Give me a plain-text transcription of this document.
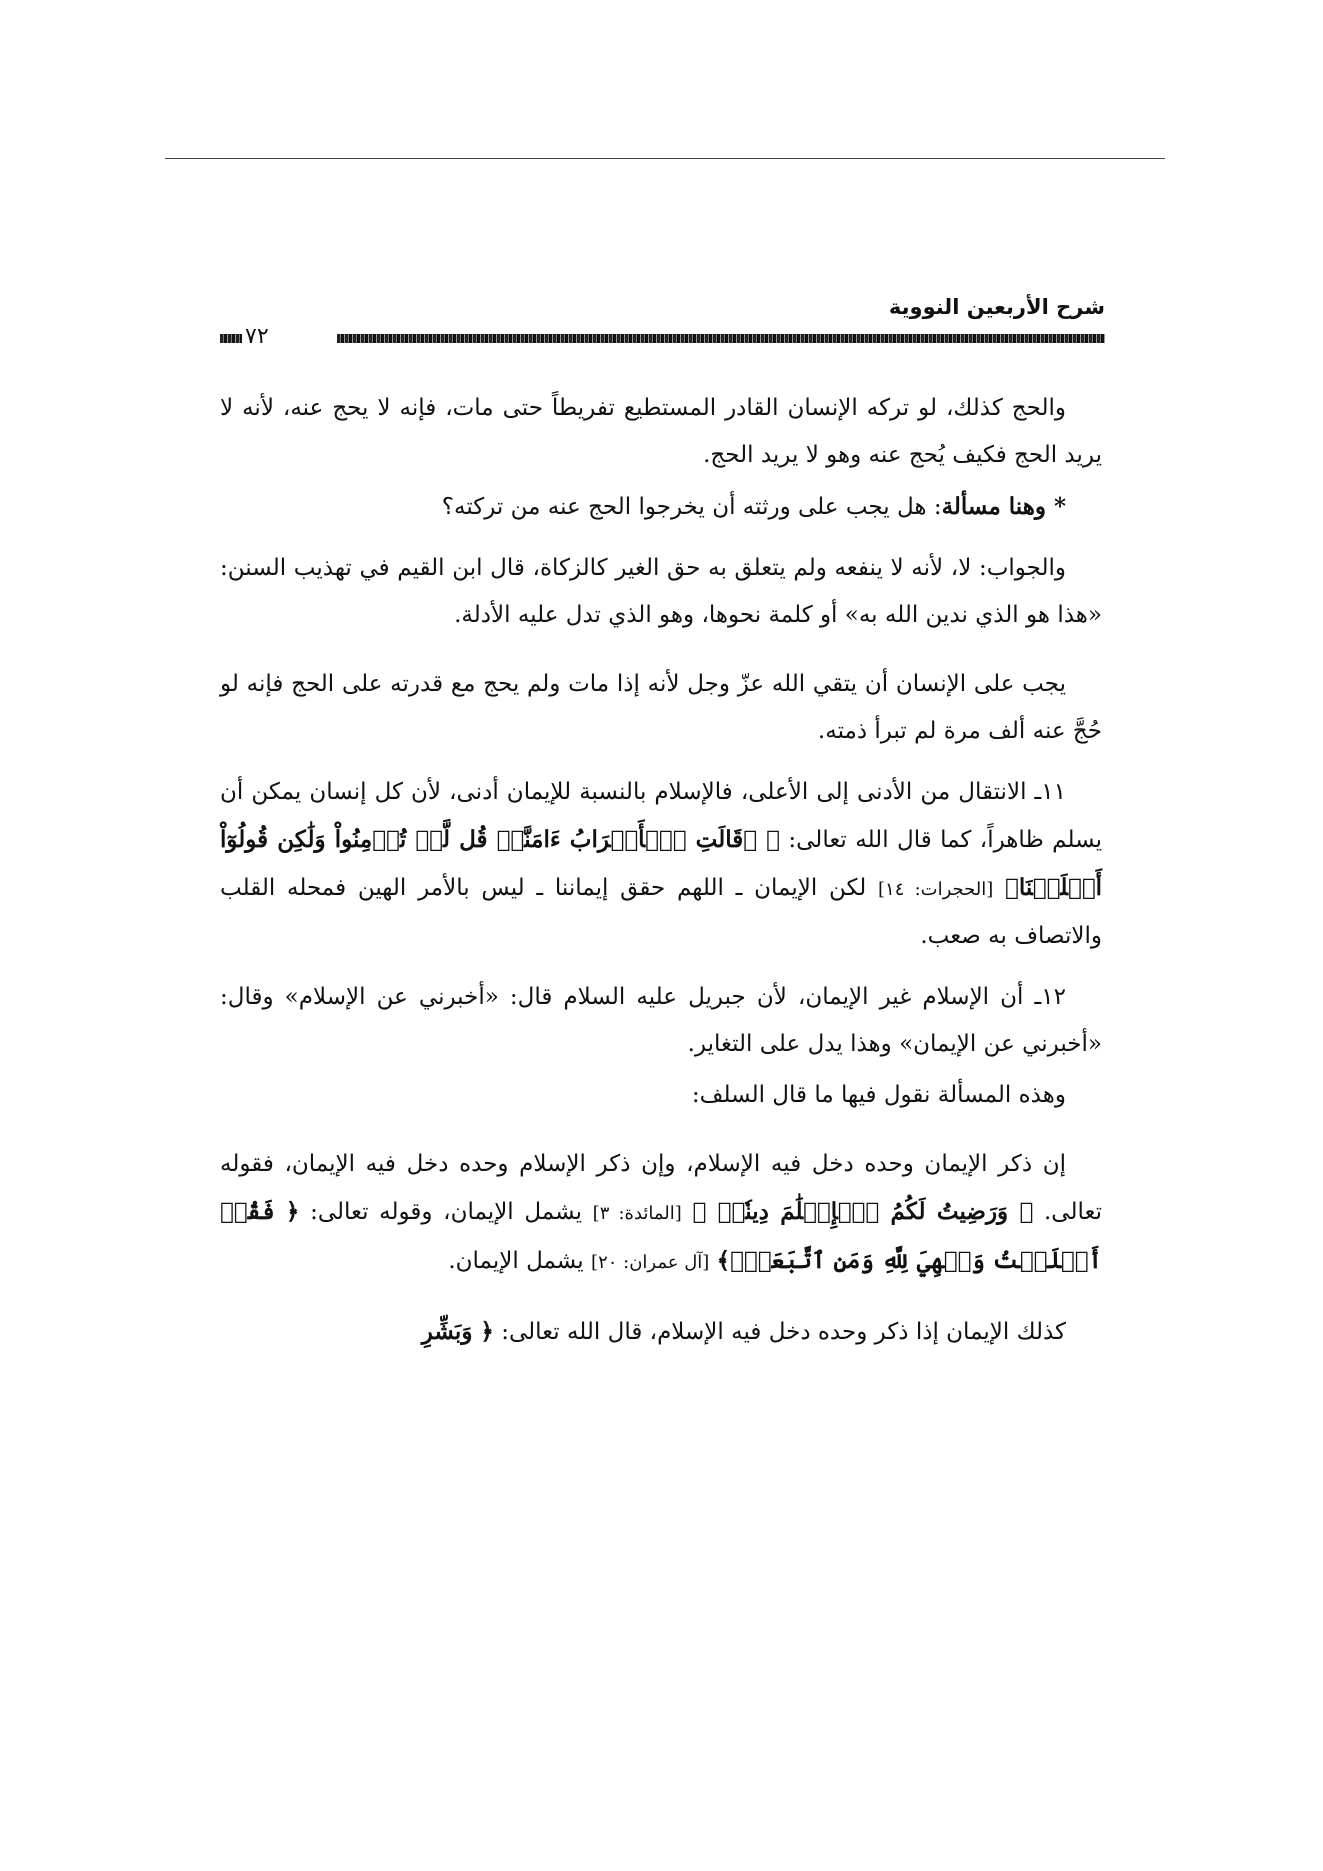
شرح الأربعين النووية
٧٢

والحج كذلك، لو تركه الإنسان القادر المستطيع تفريطاً حتى مات، فإنه لا يحج عنه، لأنه لا يريد الحج فكيف يُحج عنه وهو لا يريد الحج.

* وهنا مسألة: هل يجب على ورثته أن يخرجوا الحج عنه من تركته؟

والجواب: لا، لأنه لا ينفعه ولم يتعلق به حق الغير كالزكاة، قال ابن القيم في تهذيب السنن: «هذا هو الذي ندين الله به» أو كلمة نحوها، وهو الذي تدل عليه الأدلة.

يجب على الإنسان أن يتقي الله عزّ وجل لأنه إذا مات ولم يحج مع قدرته على الحج فإنه لو حُجَّ عنه ألف مرة لم تبرأ ذمته.

١١ـ الانتقال من الأدنى إلى الأعلى، فالإسلام بالنسبة للإيمان أدنى، لأن كل إنسان يمكن أن يسلم ظاهراً، كما قال الله تعالى: ﴿ ۞قَالَتِ ٱلۡأَعۡرَابُ ءَامَنَّاۖ قُل لَّمۡ تُؤۡمِنُواْ وَلَٰكِن قُولُوٓاْ أَسۡلَمۡنَا﴾ [الحجرات: ١٤] لكن الإيمان ـ اللهم حقق إيماننا ـ ليس بالأمر الهين فمحله القلب والاتصاف به صعب.

١٢ـ أن الإسلام غير الإيمان، لأن جبريل عليه السلام قال: «أخبرني عن الإسلام» وقال: «أخبرني عن الإيمان» وهذا يدل على التغاير.

وهذه المسألة نقول فيها ما قال السلف:

إن ذكر الإيمان وحده دخل فيه الإسلام، وإن ذكر الإسلام وحده دخل فيه الإيمان، فقوله تعالى. ﴿ وَرَضِيتُ لَكُمُ ٱلۡإِسۡلَٰمَ دِينٗاۚ ﴾ [المائدة: ٣] يشمل الإيمان، وقوله تعالى: ﴿ فَقُلۡ أَسۡلَمۡتُ وَجۡهِيَ لِلَّهِ وَمَنِ ٱتَّبَعَنِۗ﴾ [آل عمران: ٢٠] يشمل الإيمان.

كذلك الإيمان إذا ذكر وحده دخل فيه الإسلام، قال الله تعالى: ﴿ وَبَشِّرِ
